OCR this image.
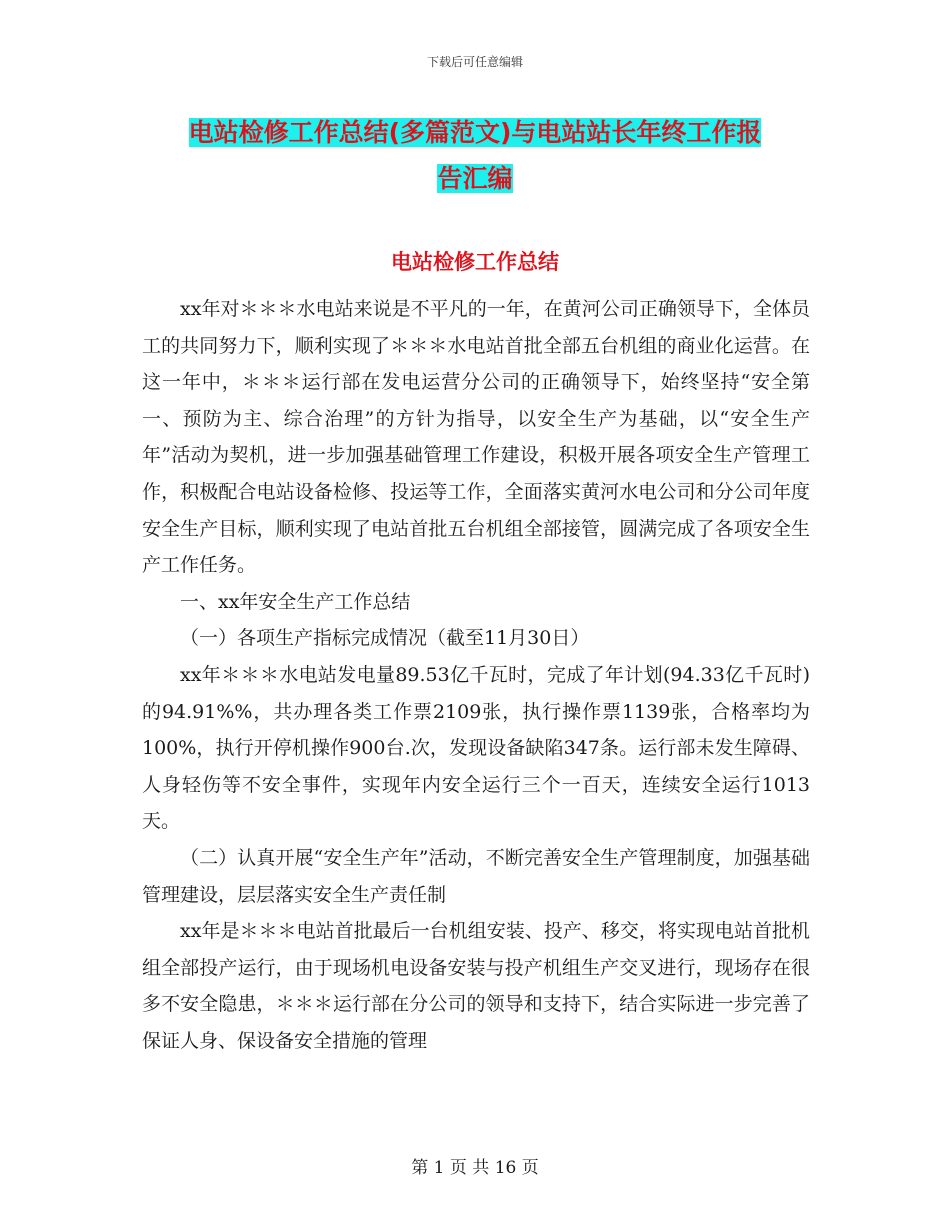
下载后可任意编辑
电站检修工作总结(多篇范文)与电站站长年终工作报
告汇编
电站检修工作总结

xx年对＊＊＊水电站来说是不平凡的一年，在黄河公司正确领导下，全体员工的共同努力下，顺利实现了＊＊＊水电站首批全部五台机组的商业化运营。在这一年中，＊＊＊运行部在发电运营分公司的正确领导下，始终坚持“安全第一、预防为主、综合治理”的方针为指导，以安全生产为基础，以“安全生产年”活动为契机，进一步加强基础管理工作建设，积极开展各项安全生产管理工作，积极配合电站设备检修、投运等工作，全面落实黄河水电公司和分公司年度安全生产目标，顺利实现了电站首批五台机组全部接管，圆满完成了各项安全生产工作任务。

一、xx年安全生产工作总结

（一）各项生产指标完成情况（截至11月30日）

xx年＊＊＊水电站发电量89.53亿千瓦时，完成了年计划(94.33亿千瓦时)的94.91%%，共办理各类工作票2109张，执行操作票1139张，合格率均为100%，执行开停机操作900台.次，发现设备缺陷347条。运行部未发生障碍、人身轻伤等不安全事件，实现年内安全运行三个一百天，连续安全运行1013天。

（二）认真开展“安全生产年”活动，不断完善安全生产管理制度，加强基础管理建设，层层落实安全生产责任制

xx年是＊＊＊电站首批最后一台机组安装、投产、移交，将实现电站首批机组全部投产运行，由于现场机电设备安装与投产机组生产交叉进行，现场存在很多不安全隐患，＊＊＊运行部在分公司的领导和支持下，结合实际进一步完善了保证人身、保设备安全措施的管理

第 1 页 共 16 页
